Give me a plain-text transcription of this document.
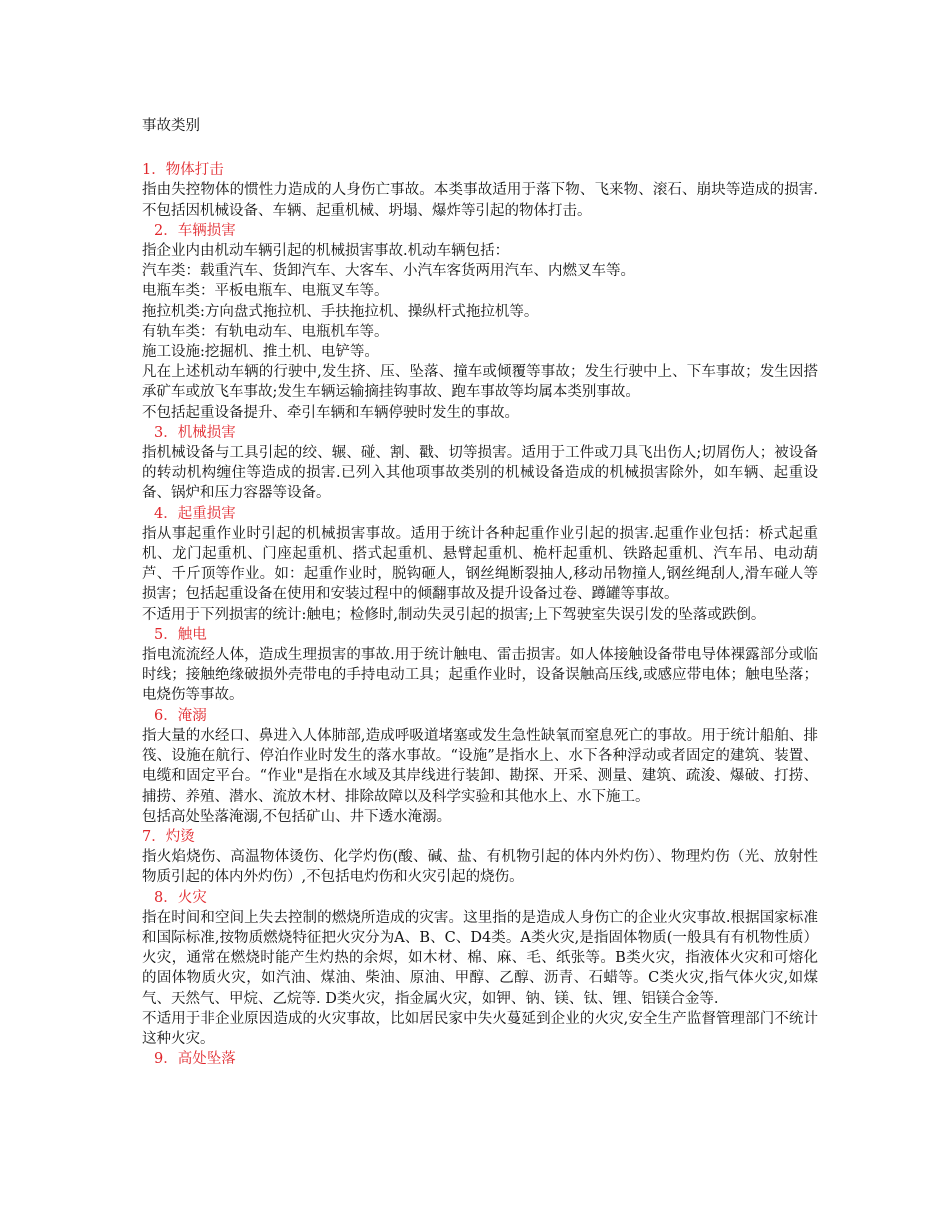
事故类别
1．物体打击
指由失控物体的惯性力造成的人身伤亡事故。本类事故适用于落下物、飞来物、滚石、崩块等造成的损害.不包括因机械设备、车辆、起重机械、坍塌、爆炸等引起的物体打击。
2．车辆损害
指企业内由机动车辆引起的机械损害事故.机动车辆包括：
汽车类：载重汽车、货卸汽车、大客车、小汽车客货两用汽车、内燃叉车等。
电瓶车类：平板电瓶车、电瓶叉车等。
拖拉机类:方向盘式拖拉机、手扶拖拉机、操纵杆式拖拉机等。
有轨车类：有轨电动车、电瓶机车等。
施工设施:挖掘机、推土机、电铲等。
凡在上述机动车辆的行驶中,发生挤、压、坠落、撞车或倾覆等事故；发生行驶中上、下车事故；发生因搭承矿车或放飞车事故;发生车辆运输摘挂钩事故、跑车事故等均属本类别事故。
不包括起重设备提升、牵引车辆和车辆停驶时发生的事故。
3．机械损害
指机械设备与工具引起的绞、辗、碰、割、戳、切等损害。适用于工件或刀具飞出伤人;切屑伤人；被设备的转动机构缠住等造成的损害.已列入其他项事故类别的机械设备造成的机械损害除外，如车辆、起重设备、锅炉和压力容器等设备。
4．起重损害
指从事起重作业时引起的机械损害事故。适用于统计各种起重作业引起的损害.起重作业包括：桥式起重机、龙门起重机、门座起重机、搭式起重机、悬臂起重机、桅杆起重机、铁路起重机、汽车吊、电动葫芦、千斤顶等作业。如：起重作业时，脱钩砸人，钢丝绳断裂抽人,移动吊物撞人,钢丝绳刮人,滑车碰人等损害；包括起重设备在使用和安装过程中的倾翻事故及提升设备过卷、蹲罐等事故。
不适用于下列损害的统计:触电；检修时,制动失灵引起的损害;上下驾驶室失误引发的坠落或跌倒。
5．触电
指电流流经人体，造成生理损害的事故.用于统计触电、雷击损害。如人体接触设备带电导体裸露部分或临时线；接触绝缘破损外壳带电的手持电动工具；起重作业时，设备误触高压线,或感应带电体；触电坠落；电烧伤等事故。
6．淹溺
指大量的水经口、鼻进入人体肺部,造成呼吸道堵塞或发生急性缺氧而窒息死亡的事故。用于统计船舶、排筏、设施在航行、停泊作业时发生的落水事故。“设施”是指水上、水下各种浮动或者固定的建筑、装置、电缆和固定平台。“作业"是指在水域及其岸线进行装卸、勘探、开采、测量、建筑、疏浚、爆破、打捞、捕捞、养殖、潜水、流放木材、排除故障以及科学实验和其他水上、水下施工。
包括高处坠落淹溺,不包括矿山、井下透水淹溺。
7．灼烫
指火焰烧伤、高温物体烫伤、化学灼伤(酸、碱、盐、有机物引起的体内外灼伤）、物理灼伤（光、放射性物质引起的体内外灼伤）,不包括电灼伤和火灾引起的烧伤。
8．火灾
指在时间和空间上失去控制的燃烧所造成的灾害。这里指的是造成人身伤亡的企业火灾事故.根据国家标准和国际标准,按物质燃烧特征把火灾分为A、B、C、D4类。A类火灾,是指固体物质(一般具有有机物性质）火灾，通常在燃烧时能产生灼热的余烬，如木材、棉、麻、毛、纸张等。B类火灾，指液体火灾和可熔化的固体物质火灾，如汽油、煤油、柴油、原油、甲醇、乙醇、沥青、石蜡等。C类火灾,指气体火灾,如煤气、天然气、甲烷、乙烷等. D类火灾，指金属火灾，如钾、钠、镁、钛、锂、铝镁合金等.
不适用于非企业原因造成的火灾事故，比如居民家中失火蔓延到企业的火灾,安全生产监督管理部门不统计这种火灾。
9．高处坠落
